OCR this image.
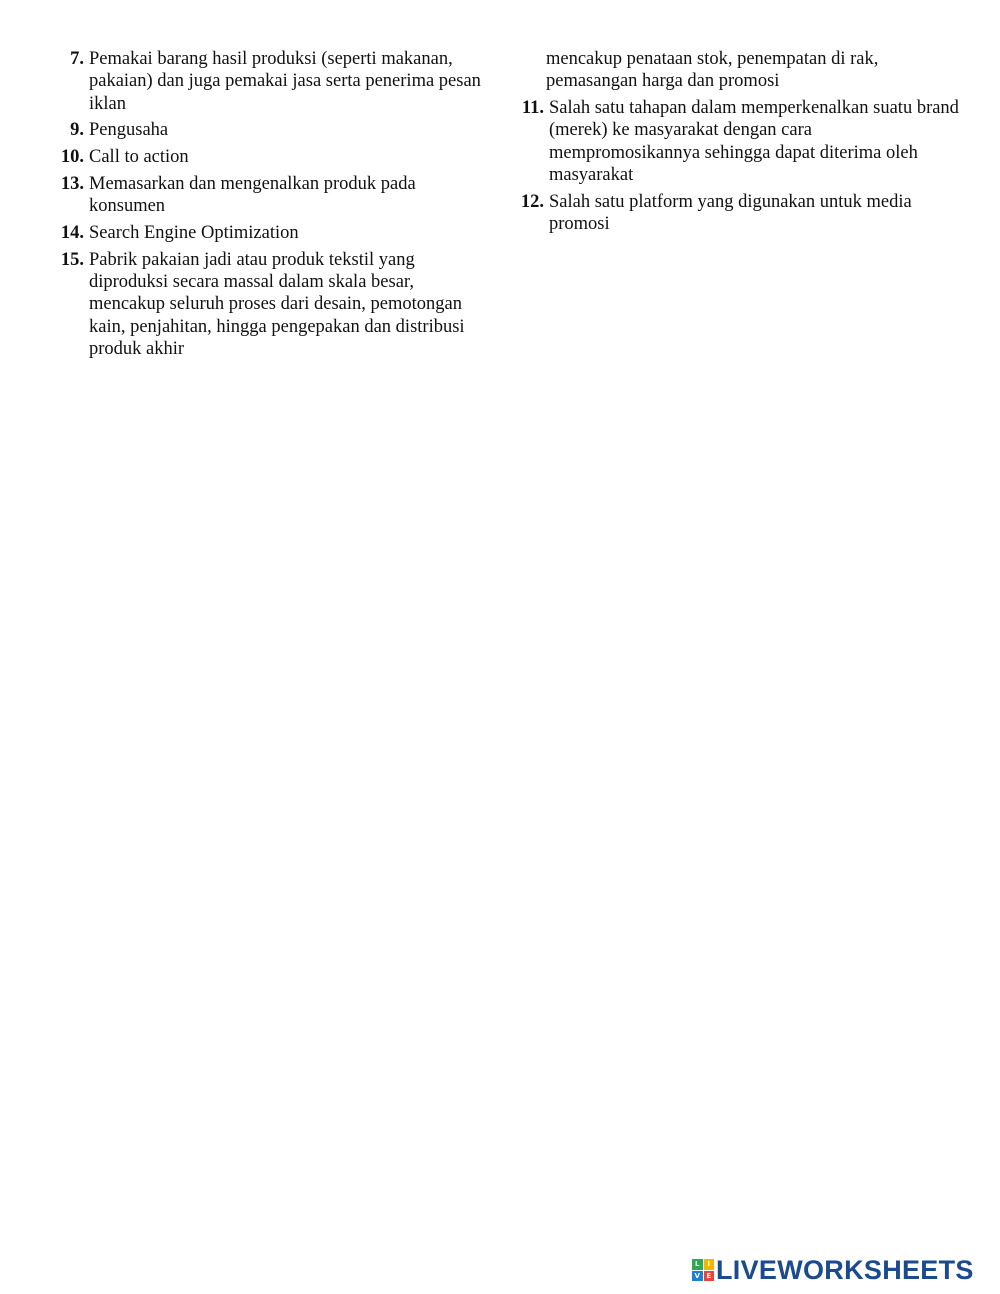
7. Pemakai barang hasil produksi (seperti makanan, pakaian) dan juga pemakai jasa serta penerima pesan iklan
9. Pengusaha
10. Call to action
13. Memasarkan dan mengenalkan produk pada konsumen
14. Search Engine Optimization
15. Pabrik pakaian jadi atau produk tekstil yang diproduksi secara massal dalam skala besar, mencakup seluruh proses dari desain, pemotongan kain, penjahitan, hingga pengepakan dan distribusi produk akhir
mencakup penataan stok, penempatan di rak, pemasangan harga dan promosi
11. Salah satu tahapan dalam memperkenalkan suatu brand (merek) ke masyarakat dengan cara mempromosikannya sehingga dapat diterima oleh masyarakat
12. Salah satu platform yang digunakan untuk media promosi
L	I
V E LIVEWORKSHEETS
